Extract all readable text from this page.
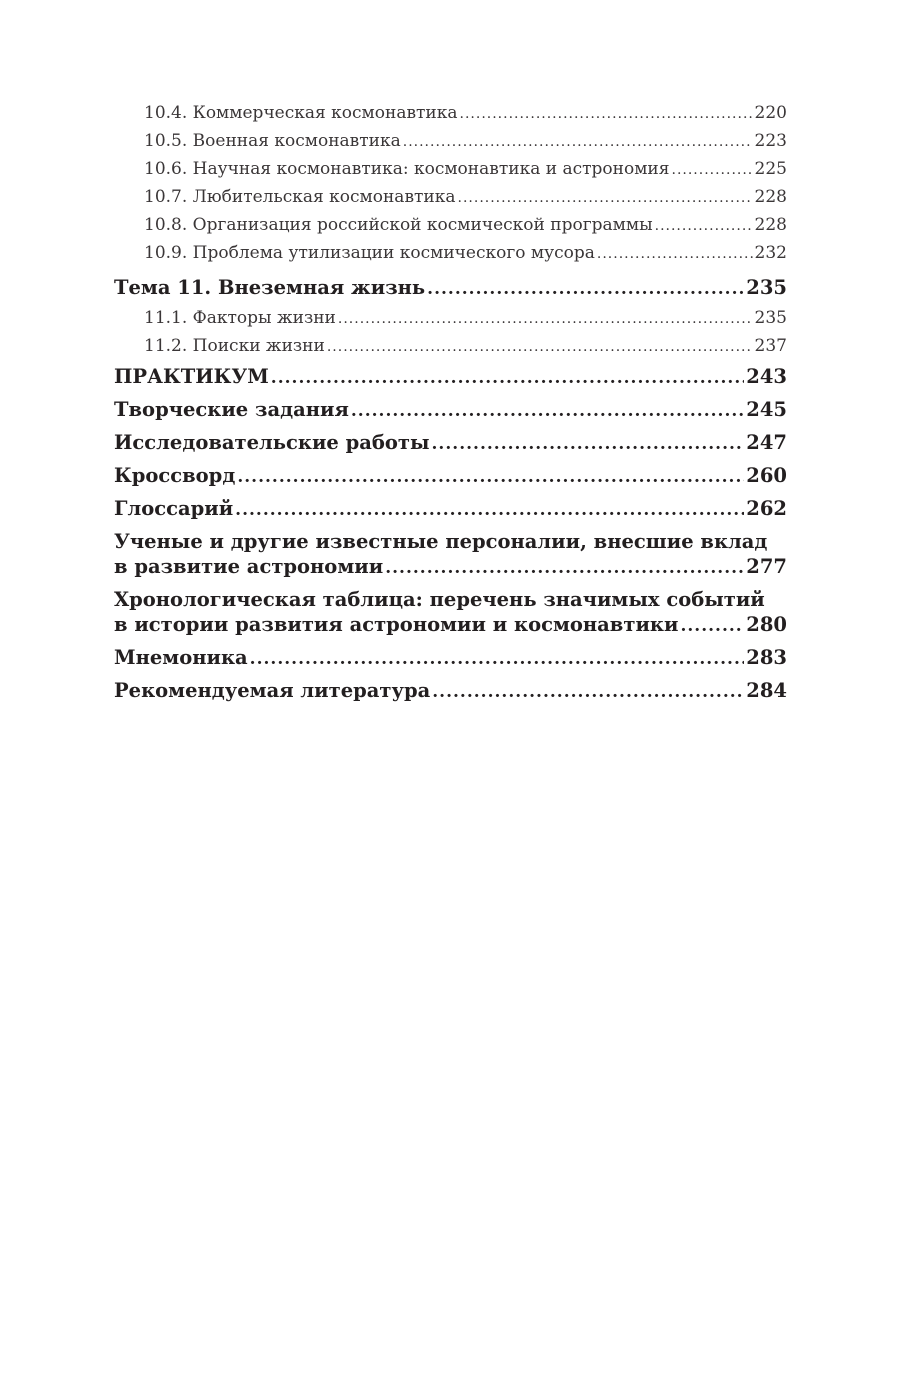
10.4. Коммерческая космонавтика .....	220
10.5. Военная космонавтика .....	223
10.6. Научная космонавтика: космонавтика и астрономия .....	225
10.7. Любительская космонавтика .....	228
10.8. Организация российской космической программы .....	228
10.9. Проблема утилизации космического мусора .....	232
Тема 11. Внеземная жизнь .....	235
11.1. Факторы жизни .....	235
11.2. Поиски жизни .....	237
ПРАКТИКУМ .....	243
Творческие задания .....	245
Исследовательские работы .....	247
Кроссворд .....	260
Глоссарий .....	262
Ученые и другие известные персоналии, внесшие вклад
в развитие астрономии .....	277
Хронологическая таблица: перечень значимых событий
в истории развития астрономии и космонавтики .....	280
Мнемоника .....	283
Рекомендуемая литература .....	284
